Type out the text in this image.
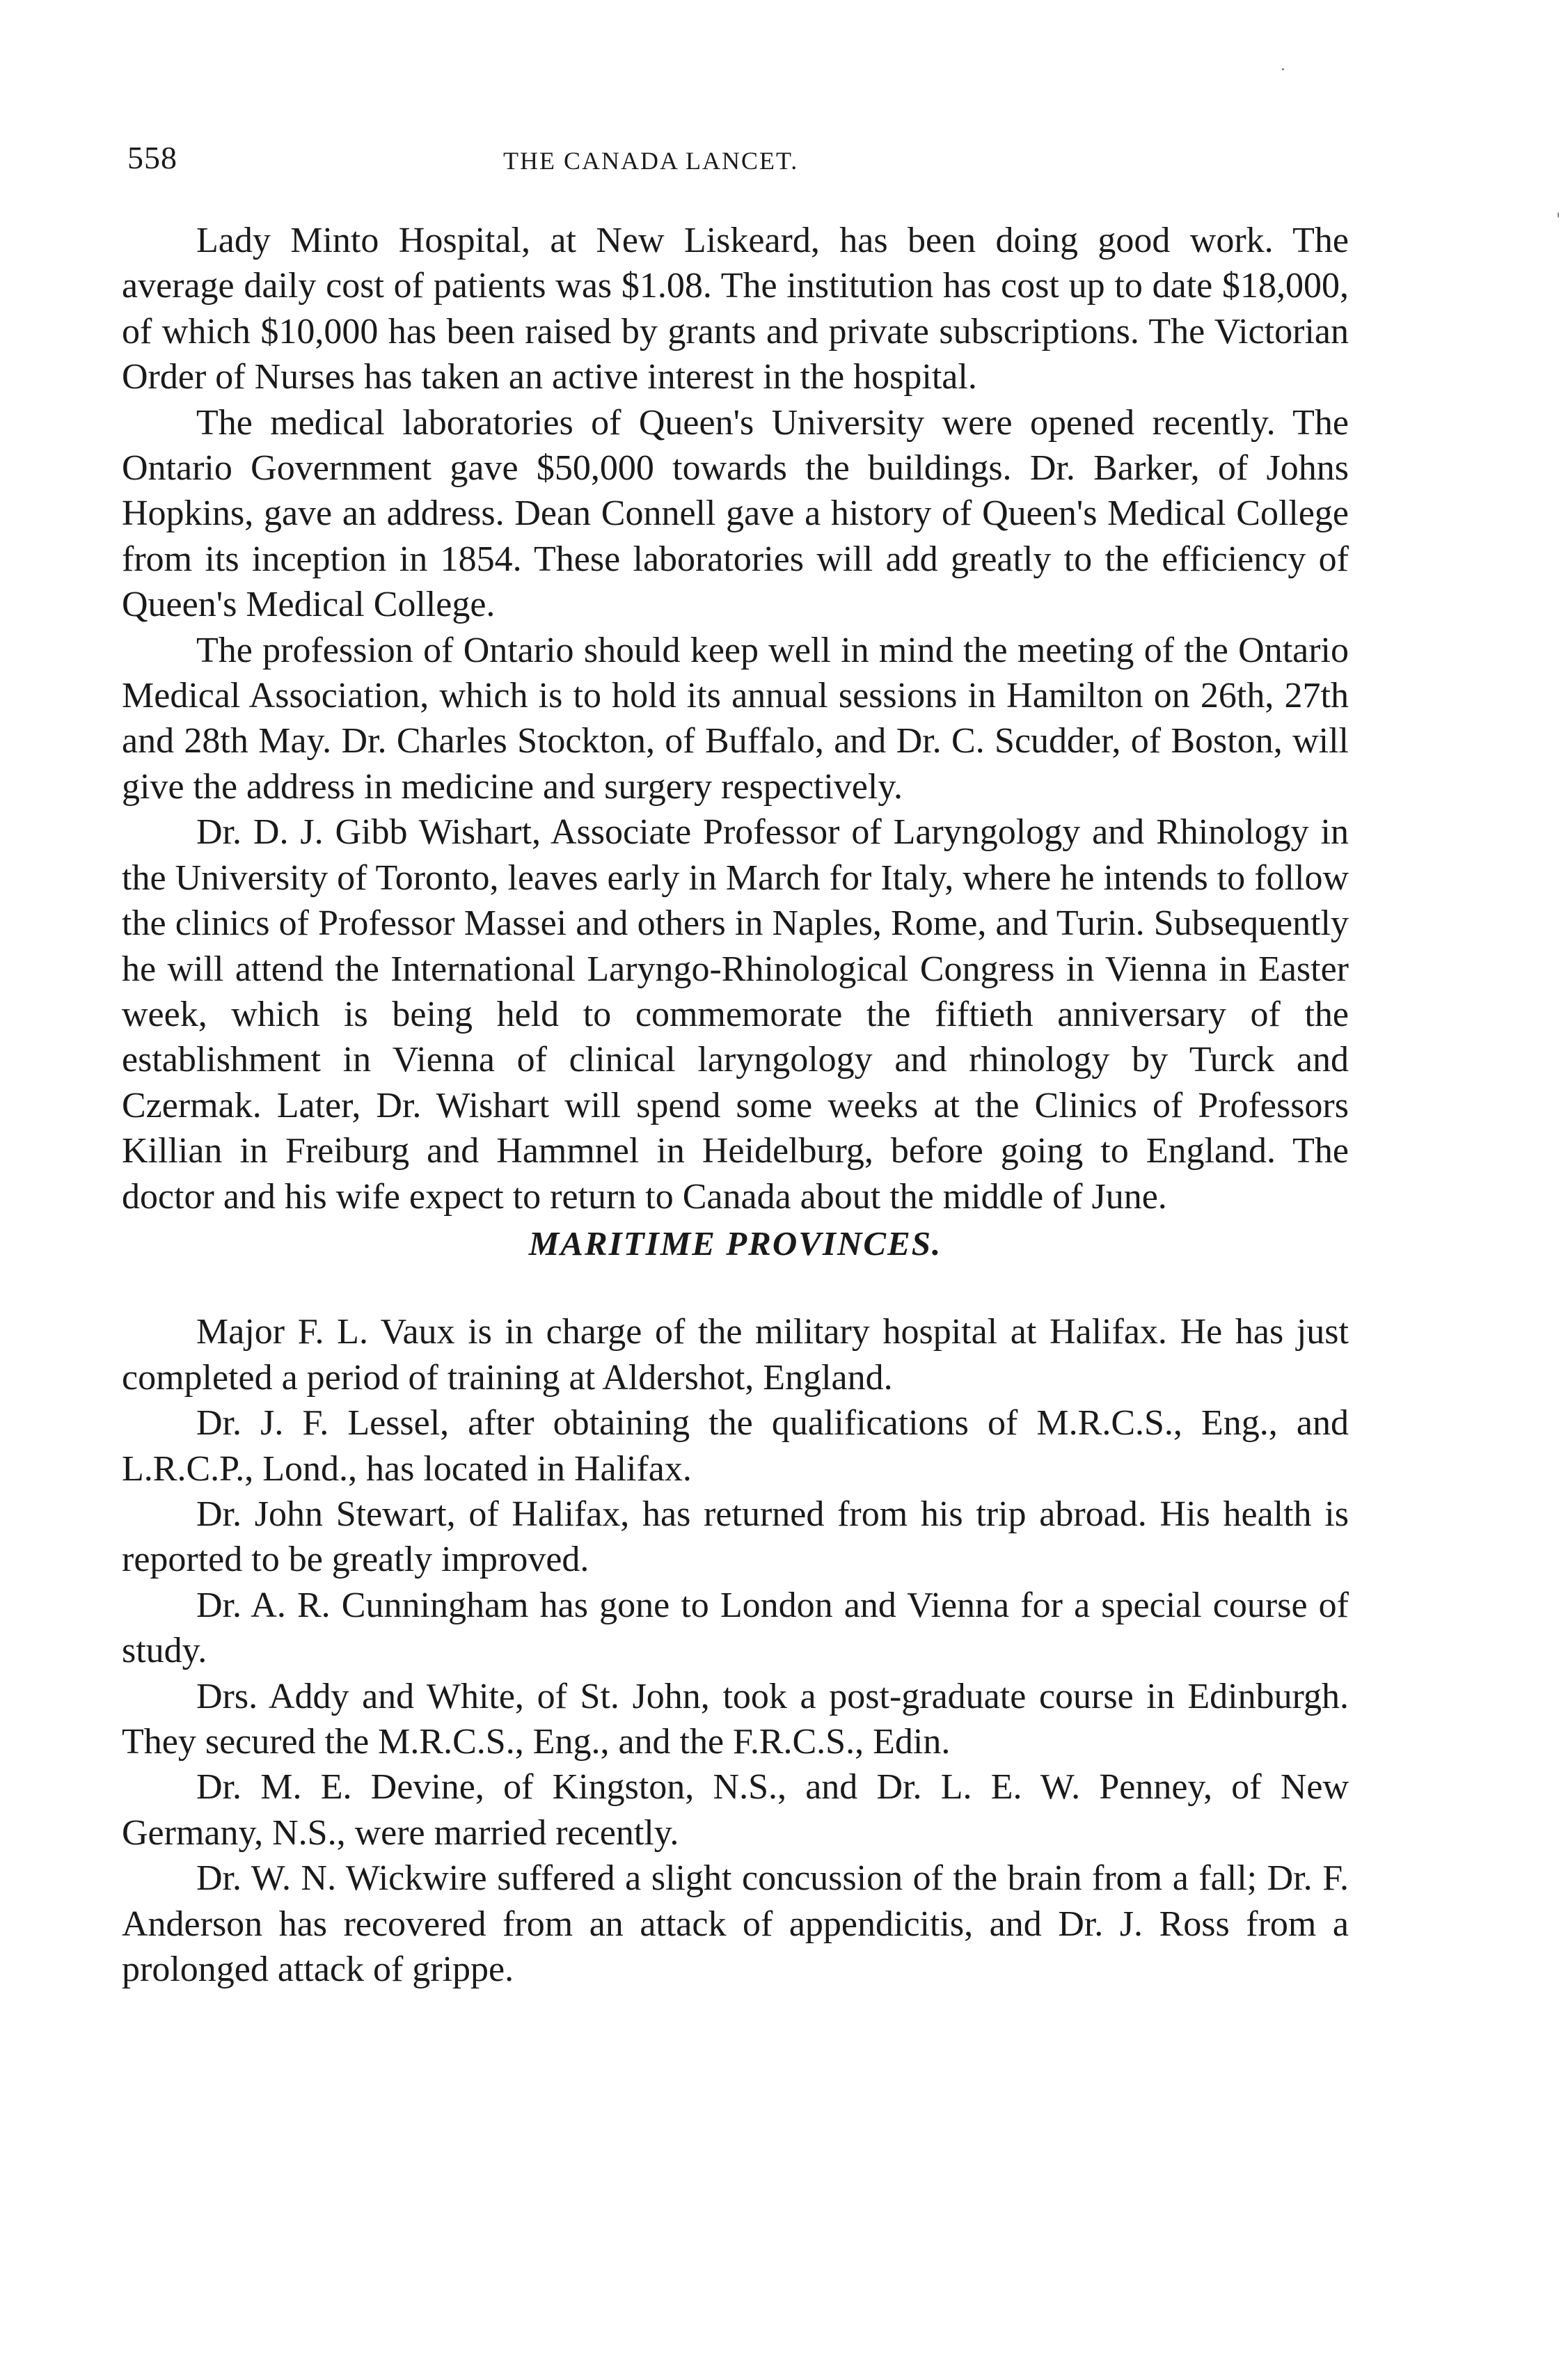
558	THE CANADA LANCET.

Lady Minto Hospital, at New Liskeard, has been doing good work. The average daily cost of patients was $1.08. The institution has cost up to date $18,000, of which $10,000 has been raised by grants and private subscriptions. The Victorian Order of Nurses has taken an active interest in the hospital.

The medical laboratories of Queen's University were opened recently. The Ontario Government gave $50,000 towards the buildings. Dr. Barker, of Johns Hopkins, gave an address. Dean Connell gave a history of Queen's Medical College from its inception in 1854. These laboratories will add greatly to the efficiency of Queen's Medical College.

The profession of Ontario should keep well in mind the meeting of the Ontario Medical Association, which is to hold its annual sessions in Hamilton on 26th, 27th and 28th May. Dr. Charles Stockton, of Buffalo, and Dr. C. Scudder, of Boston, will give the address in medicine and surgery respectively.

Dr. D. J. Gibb Wishart, Associate Professor of Laryngology and Rhinology in the University of Toronto, leaves early in March for Italy, where he intends to follow the clinics of Professor Massei and others in Naples, Rome, and Turin. Subsequently he will attend the International Laryngo-Rhinological Congress in Vienna in Easter week, which is being held to commemorate the fiftieth anniversary of the establishment in Vienna of clinical laryngology and rhinology by Turck and Czermak. Later, Dr. Wishart will spend some weeks at the Clinics of Professors Killian in Freiburg and Hammnel in Heidelburg, before going to England. The doctor and his wife expect to return to Canada about the middle of June.

MARITIME PROVINCES.

Major F. L. Vaux is in charge of the military hospital at Halifax. He has just completed a period of training at Aldershot, England.

Dr. J. F. Lessel, after obtaining the qualifications of M.R.C.S., Eng., and L.R.C.P., Lond., has located in Halifax.

Dr. John Stewart, of Halifax, has returned from his trip abroad. His health is reported to be greatly improved.

Dr. A. R. Cunningham has gone to London and Vienna for a special course of study.

Drs. Addy and White, of St. John, took a post-graduate course in Edinburgh. They secured the M.R.C.S., Eng., and the F.R.C.S., Edin.

Dr. M. E. Devine, of Kingston, N.S., and Dr. L. E. W. Penney, of New Germany, N.S., were married recently.

Dr. W. N. Wickwire suffered a slight concussion of the brain from a fall; Dr. F. Anderson has recovered from an attack of appendicitis, and Dr. J. Ross from a prolonged attack of grippe.
